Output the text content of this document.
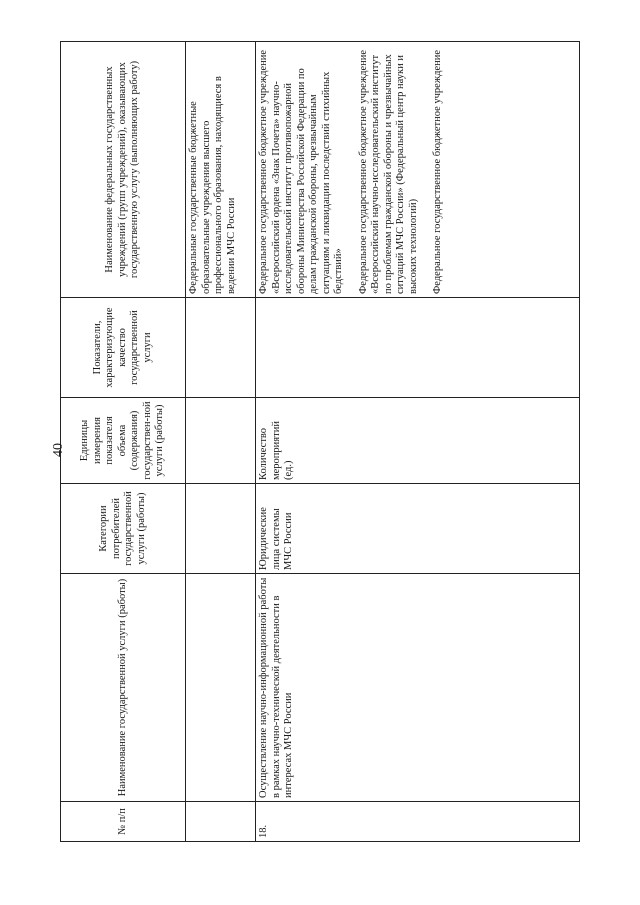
40
№ п/п	Наименование государственной услуги (работы)	Категории потребителей государственной услуги (работы)	Единицы измерения показателя объема (содержания) государствен-ной услуги (работы)	Показатели, характеризующие качество государственной услуги	Наименование федеральных государственных учреждений (групп учреждений), оказывающих государственную услугу (выполняющих работу)

					Федеральные государственные бюджетные образовательные учреждения высшего профессионального образования, находящиеся в ведении МЧС России

18.	Осуществление научно-информационной работы в рамках научно-технической деятельности в интересах МЧС России	Юридические лица системы МЧС России	Количество мероприятий (ед.)		Федеральное государственное бюджетное учреждение «Всероссийский ордена «Знак Почета» научно-исследовательский институт противопожарной обороны Министерства Российской Федерации по делам гражданской обороны, чрезвычайным ситуациям и ликвидации последствий стихийных бедствий» Федеральное государственное бюджетное учреждение «Всероссийский научно-исследовательский институт по проблемам гражданской обороны и чрезвычайных ситуаций МЧС России» (Федеральный центр науки и высоких технологий) Федеральное государственное бюджетное учреждение
